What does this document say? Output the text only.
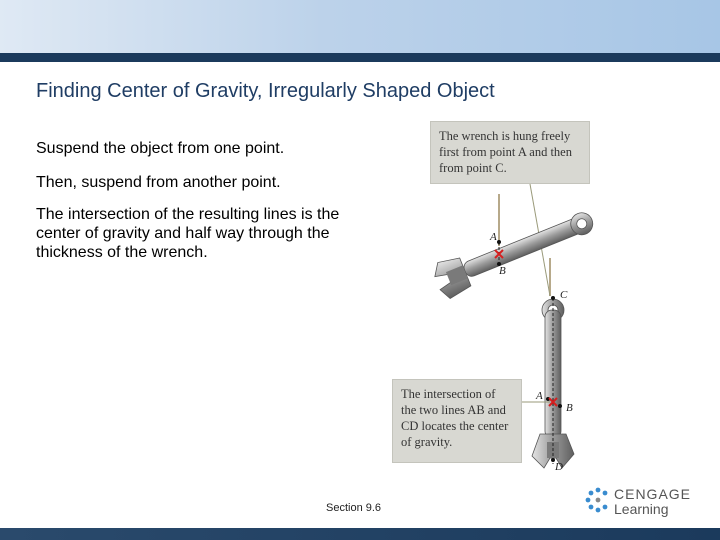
Finding Center of Gravity, Irregularly Shaped Object

Suspend the object from one point.

Then, suspend from another point.

The intersection of the resulting lines is the center of gravity and half way through the thickness of the wrench.

The wrench is hung freely first from point A and then from point C.
The intersection of the two lines AB and CD locates the center of gravity.
A
B
C
A
B
D
Section 9.6
CENGAGE
Learning
